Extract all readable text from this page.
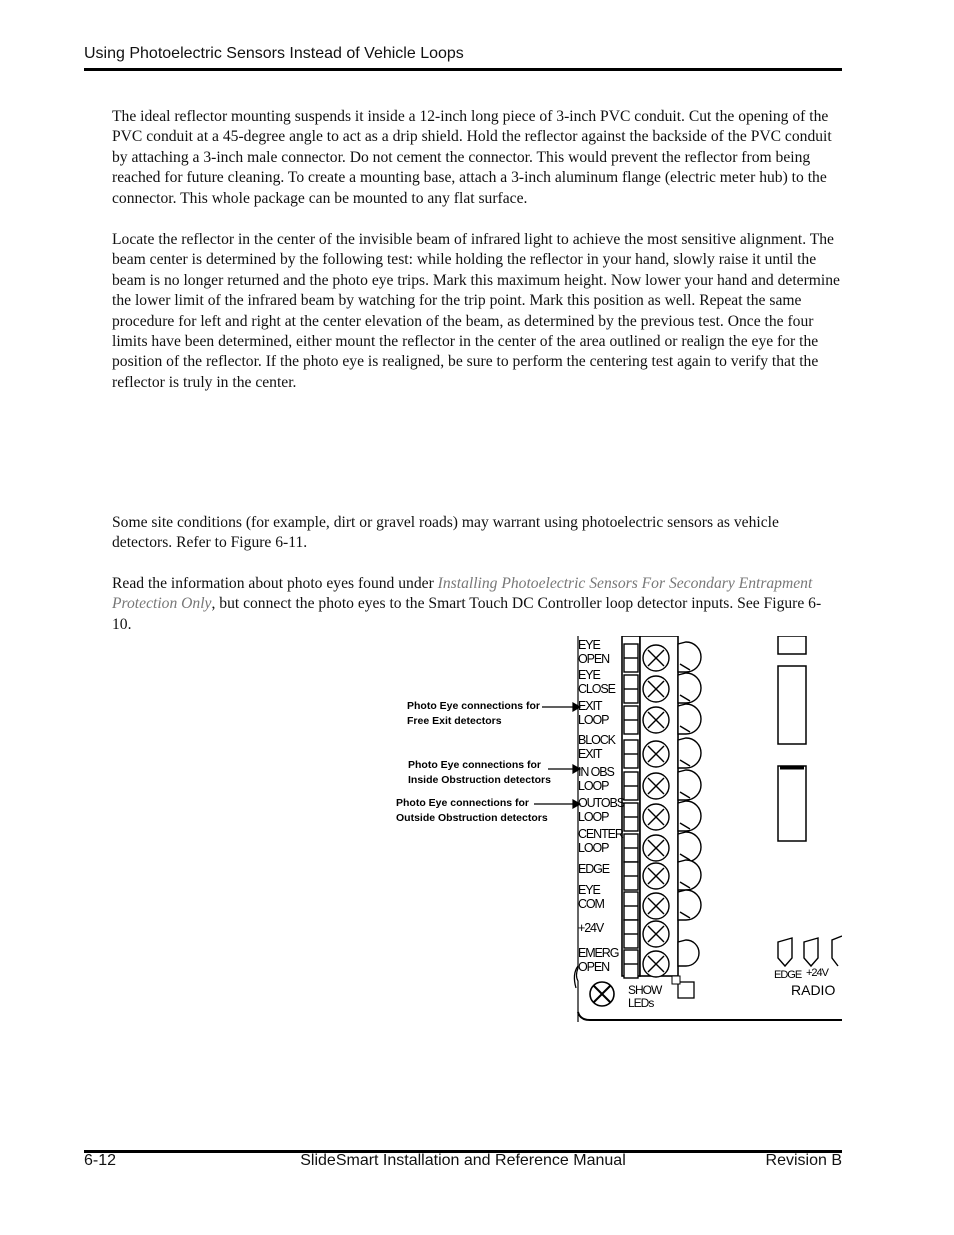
Using Photoelectric Sensors Instead of Vehicle Loops

The ideal reflector mounting suspends it inside a 12-inch long piece of 3-inch PVC conduit. Cut the opening of the PVC conduit at a 45-degree angle to act as a drip shield. Hold the reflector against the backside of the PVC conduit by attaching a 3-inch male connector. Do not cement the connector. This would prevent the reflector from being reached for future cleaning. To create a mounting base, attach a 3-inch aluminum flange (electric meter hub) to the connector. This whole package can be mounted to any flat surface.

Locate the reflector in the center of the invisible beam of infrared light to achieve the most sensitive alignment. The beam center is determined by the following test: while holding the reflector in your hand, slowly raise it until the beam is no longer returned and the photo eye trips. Mark this maximum height. Now lower your hand and determine the lower limit of the infrared beam by watching for the trip point. Mark this position as well. Repeat the same procedure for left and right at the center elevation of the beam, as determined by the previous test. Once the four limits have been determined, either mount the reflector in the center of the area outlined or realign the eye for the position of the reflector. If the photo eye is realigned, be sure to perform the centering test again to verify that the reflector is truly in the center.

Some site conditions (for example, dirt or gravel roads) may warrant using photoelectric sensors as vehicle detectors. Refer to Figure 6-11.

Read the information about photo eyes found under Installing Photoelectric Sensors For Secondary Entrapment Protection Only, but connect the photo eyes to the Smart Touch DC Controller loop detector inputs. See Figure 6-10.

EYE
OPEN
EYE
CLOSE
EXIT
LOOP
BLOCK
EXIT
IN OBS
LOOP
OUTOBS
LOOP
CENTER
LOOP
EDGE
EYE
COM
+24V
EMERG
OPEN
Photo Eye connections for
Free Exit detectors
Photo Eye connections for
Inside Obstruction detectors
Photo Eye connections for
Outside Obstruction detectors
SHOW
LEDs
EDGE +24V
RADIO
6-12	SlideSmart Installation and Reference Manual	Revision B
